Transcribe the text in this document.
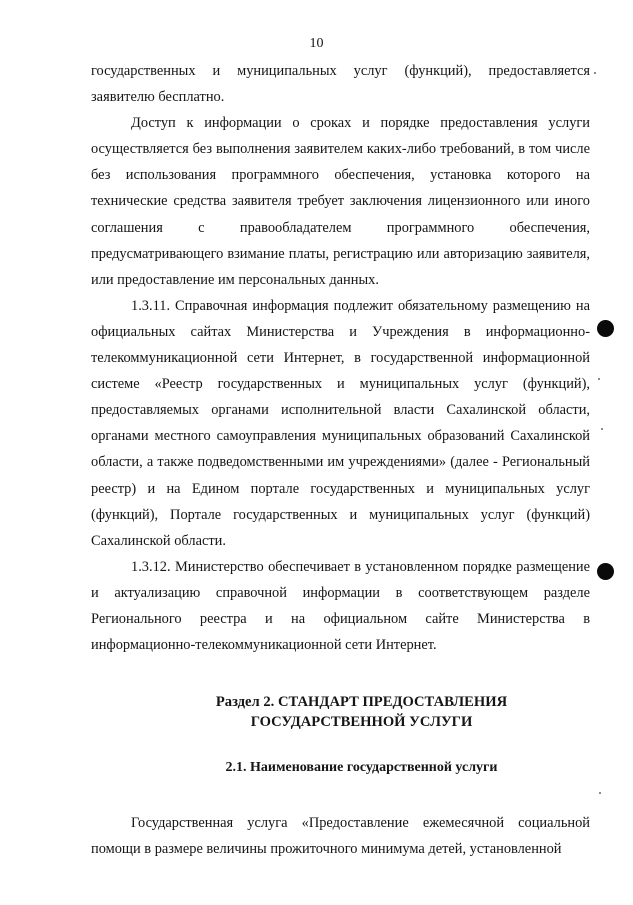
10

государственных и муниципальных услуг (функций), предоставляется заявителю бесплатно.

Доступ к информации о сроках и порядке предоставления услуги осуществляется без выполнения заявителем каких-либо требований, в том числе без использования программного обеспечения, установка которого на технические средства заявителя требует заключения лицензионного или иного соглашения с правообладателем программного обеспечения, предусматривающего взимание платы, регистрацию или авторизацию заявителя, или предоставление им персональных данных.

1.3.11. Справочная информация подлежит обязательному размещению на официальных сайтах Министерства и Учреждения в информационно-телекоммуникационной сети Интернет, в государственной информационной системе «Реестр государственных и муниципальных услуг (функций), предоставляемых органами исполнительной власти Сахалинской области, органами местного самоуправления муниципальных образований Сахалинской области, а также подведомственными им учреждениями» (далее - Региональный реестр) и на Едином портале государственных и муниципальных услуг (функций), Портале государственных и муниципальных услуг (функций) Сахалинской области.

1.3.12. Министерство обеспечивает в установленном порядке размещение и актуализацию справочной информации в соответствующем разделе Регионального реестра и на официальном сайте Министерства в информационно-телекоммуникационной сети Интернет.

Раздел 2. СТАНДАРТ ПРЕДОСТАВЛЕНИЯ
ГОСУДАРСТВЕННОЙ УСЛУГИ
2.1. Наименование государственной услуги

Государственная услуга «Предоставление ежемесячной социальной помощи в размере величины прожиточного минимума детей, установленной
